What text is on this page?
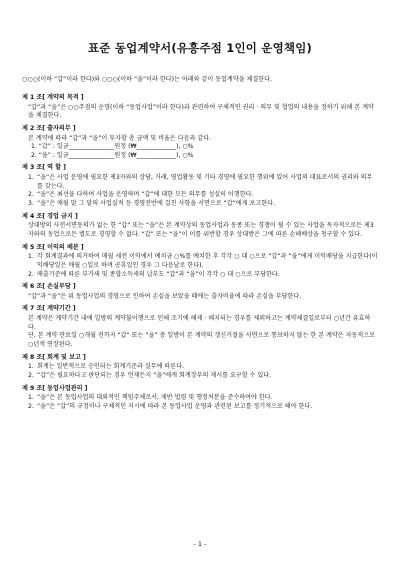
표준 동업계약서(유흥주점 1인이 운영책임)
○○○(이하 “갑”이라 한다)와 ○○○(이하 “을”이라 한다)는 아래와 같이 동업계약을 체결한다.
제 1 조[ 계약의 목적 ]
“갑”과 “을”은 ○○주점의 운영(이하 “동업사업”이라 한다)과 관련하여 구체적인 권리 · 의무 및 협업의 내용을 정하기 위해 본 계약을 체결한다.
제 2 조[ 출자의무 ]
본 계약에 따라 “갑”과 “을”이 투자할 총 금액 및 비율은 다음과 같다.
1. “갑” : 일금_______________원정 (₩_____________), ○%
2. “을” : 일금_______________원정 (₩_____________), ○%
제 3 조[ 역 할 ]
1. “을”은 사업 운영에 필요한 제3자와의 상담, 거래, 영업활동 및 기타 경영에 필요한 행위에 있어 사업의 대표로서의 권리와 의무를 갖는다.
2. “을”은 최선을 다하여 사업을 운영하며 “갑”에 대한 모든 의무를 성실히 이행한다.
3. “을”은 매월 말 그 달의 사업실적 등 경영전반에 걸친 사항을 서면으로 “갑”에게 보고한다.
제 4 조[ 경업 금지 ]
상대방의 사전서면동의가 없는 한 “갑” 또는 “을”은 본 계약상의 동업사업과 동종 또는 경쟁이 될 수 있는 사업을 독자적으로든 제3자와의 동업으로든 별도로 경영할 수 없다. “갑” 또는 “을”이 이를 위반할 경우 상대방은 그에 따른 손해배상을 청구할 수 있다.
제 5 조[ 이익의 배분 ]
1. 각 회계결과에 의거하여 매월 세전 이익에서 예치금 ○%를 예치한 후 각각 ○ 대 ○으로 “갑”과 “을”에게 이익배당을 지급한다(이익배당일은 매월 ○일로 하며 공휴일인 경우 그 다음날로 한다).
2. 매출기준에 따른 부가세 및 종합소득세의 납부도 “갑”과 “을”이 각각 ○ 대 ○으로 부담한다.
제 6 조[ 손실부담 ]
“갑”과 “을”은 위 동업사업의 경영으로 인하여 손실을 보았을 때에는 출자비율에 따라 손실을 부담한다.
제 7 조[ 계약기간 ]
본 계약은 계약기간 내에 일방의 계약불이행으로 인해 조기에 해제 · 해지되는 경우를 제외하고는 계약체결일로부터 ○년간 유효하다.
단, 본 계약 만료일 ○개월 전까지 “갑” 또는 “을” 중 일방이 본 계약의 갱신거절을 서면으로 통보하지 않는 한 본 계약은 자동적으로 ○년씩 연장된다.
제 8 조[ 회계 및 보고 ]
1. 회계는 일반적으로 승인되는 회계기준과 실무에 따른다.
2. “갑”은 필요하다고 판단되는 경우 언제든지 “을”에게 회계장부의 제시를 요구할 수 있다.
제 9 조[ 동업사업관리 ]
1. “을”은 본 동업사업의 대외적인 책임주체로서, 제반 법령 및 행정처분을 준수하여야 한다.
2. “을”은 “갑”의 규정이나 구체적인 지시에 따라 본 동업사업 운영과 관련된 보고를 정기적으로 해야 한다.
- 1 -
